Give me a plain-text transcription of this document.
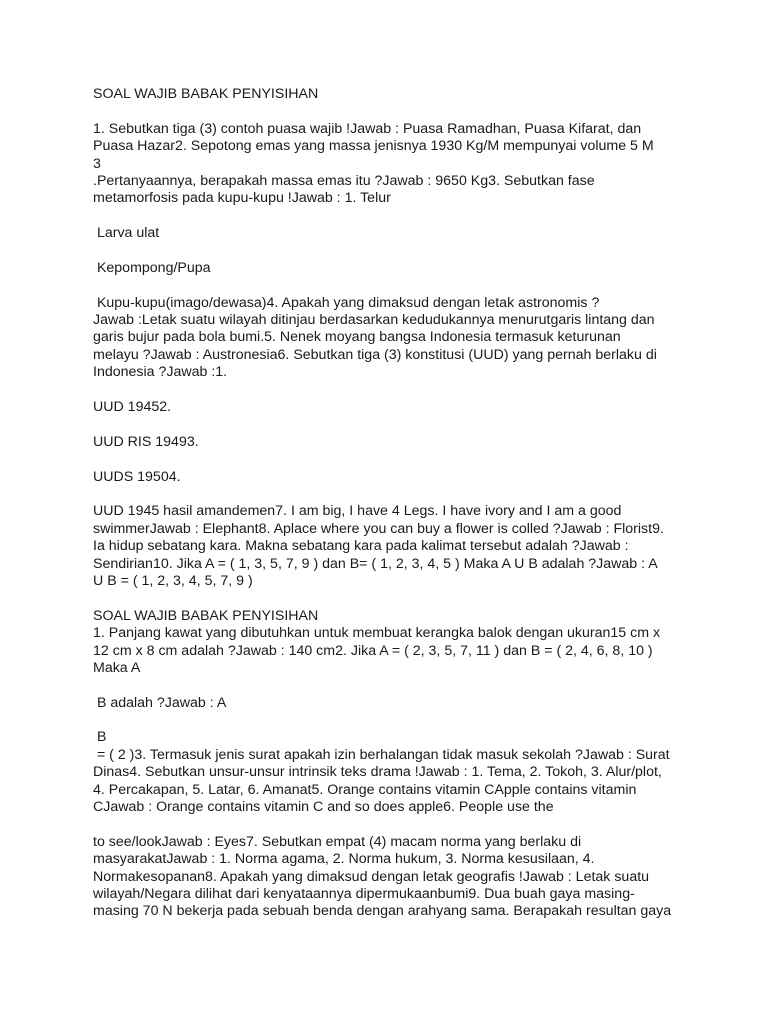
SOAL WAJIB BABAK PENYISIHAN
1. Sebutkan tiga (3) contoh puasa wajib !Jawab : Puasa Ramadhan, Puasa Kifarat, dan
Puasa Hazar2. Sepotong emas yang massa jenisnya 1930 Kg/M mempunyai volume 5 M
3
.Pertanyaannya, berapakah massa emas itu ?Jawab : 9650 Kg3. Sebutkan fase
metamorfosis pada kupu-kupu !Jawab : 1. Telur
Larva ulat
Kepompong/Pupa
Kupu-kupu(imago/dewasa)4. Apakah yang dimaksud dengan letak astronomis ?
Jawab :Letak suatu wilayah ditinjau berdasarkan kedudukannya menurutgaris lintang dan
garis bujur pada bola bumi.5. Nenek moyang bangsa Indonesia termasuk keturunan
melayu ?Jawab : Austronesia6. Sebutkan tiga (3) konstitusi (UUD) yang pernah berlaku di
Indonesia ?Jawab :1.
UUD 19452.
UUD RIS 19493.
UUDS 19504.
UUD 1945 hasil amandemen7. I am big, I have 4 Legs. I have ivory and I am a good
swimmerJawab : Elephant8. Aplace where you can buy a flower is colled ?Jawab : Florist9.
Ia hidup sebatang kara. Makna sebatang kara pada kalimat tersebut adalah ?Jawab :
Sendirian10. Jika A = ( 1, 3, 5, 7, 9 ) dan B= ( 1, 2, 3, 4, 5 ) Maka A U B adalah ?Jawab : A
U B = ( 1, 2, 3, 4, 5, 7, 9 )
SOAL WAJIB BABAK PENYISIHAN
1. Panjang kawat yang dibutuhkan untuk membuat kerangka balok dengan ukuran15 cm x
12 cm x 8 cm adalah ?Jawab : 140 cm2. Jika A = ( 2, 3, 5, 7, 11 ) dan B = ( 2, 4, 6, 8, 10 )
Maka A
B adalah ?Jawab : A
B
= ( 2 )3. Termasuk jenis surat apakah izin berhalangan tidak masuk sekolah ?Jawab : Surat
Dinas4. Sebutkan unsur-unsur intrinsik teks drama !Jawab : 1. Tema, 2. Tokoh, 3. Alur/plot,
4. Percakapan, 5. Latar, 6. Amanat5. Orange contains vitamin CApple contains vitamin
CJawab : Orange contains vitamin C and so does apple6. People use the
to see/lookJawab : Eyes7. Sebutkan empat (4) macam norma yang berlaku di
masyarakatJawab : 1. Norma agama, 2. Norma hukum, 3. Norma kesusilaan, 4.
Normakesopanan8. Apakah yang dimaksud dengan letak geografis !Jawab : Letak suatu
wilayah/Negara dilihat dari kenyataannya dipermukaanbumi9. Dua buah gaya masing-
masing 70 N bekerja pada sebuah benda dengan arahyang sama. Berapakah resultan gaya
